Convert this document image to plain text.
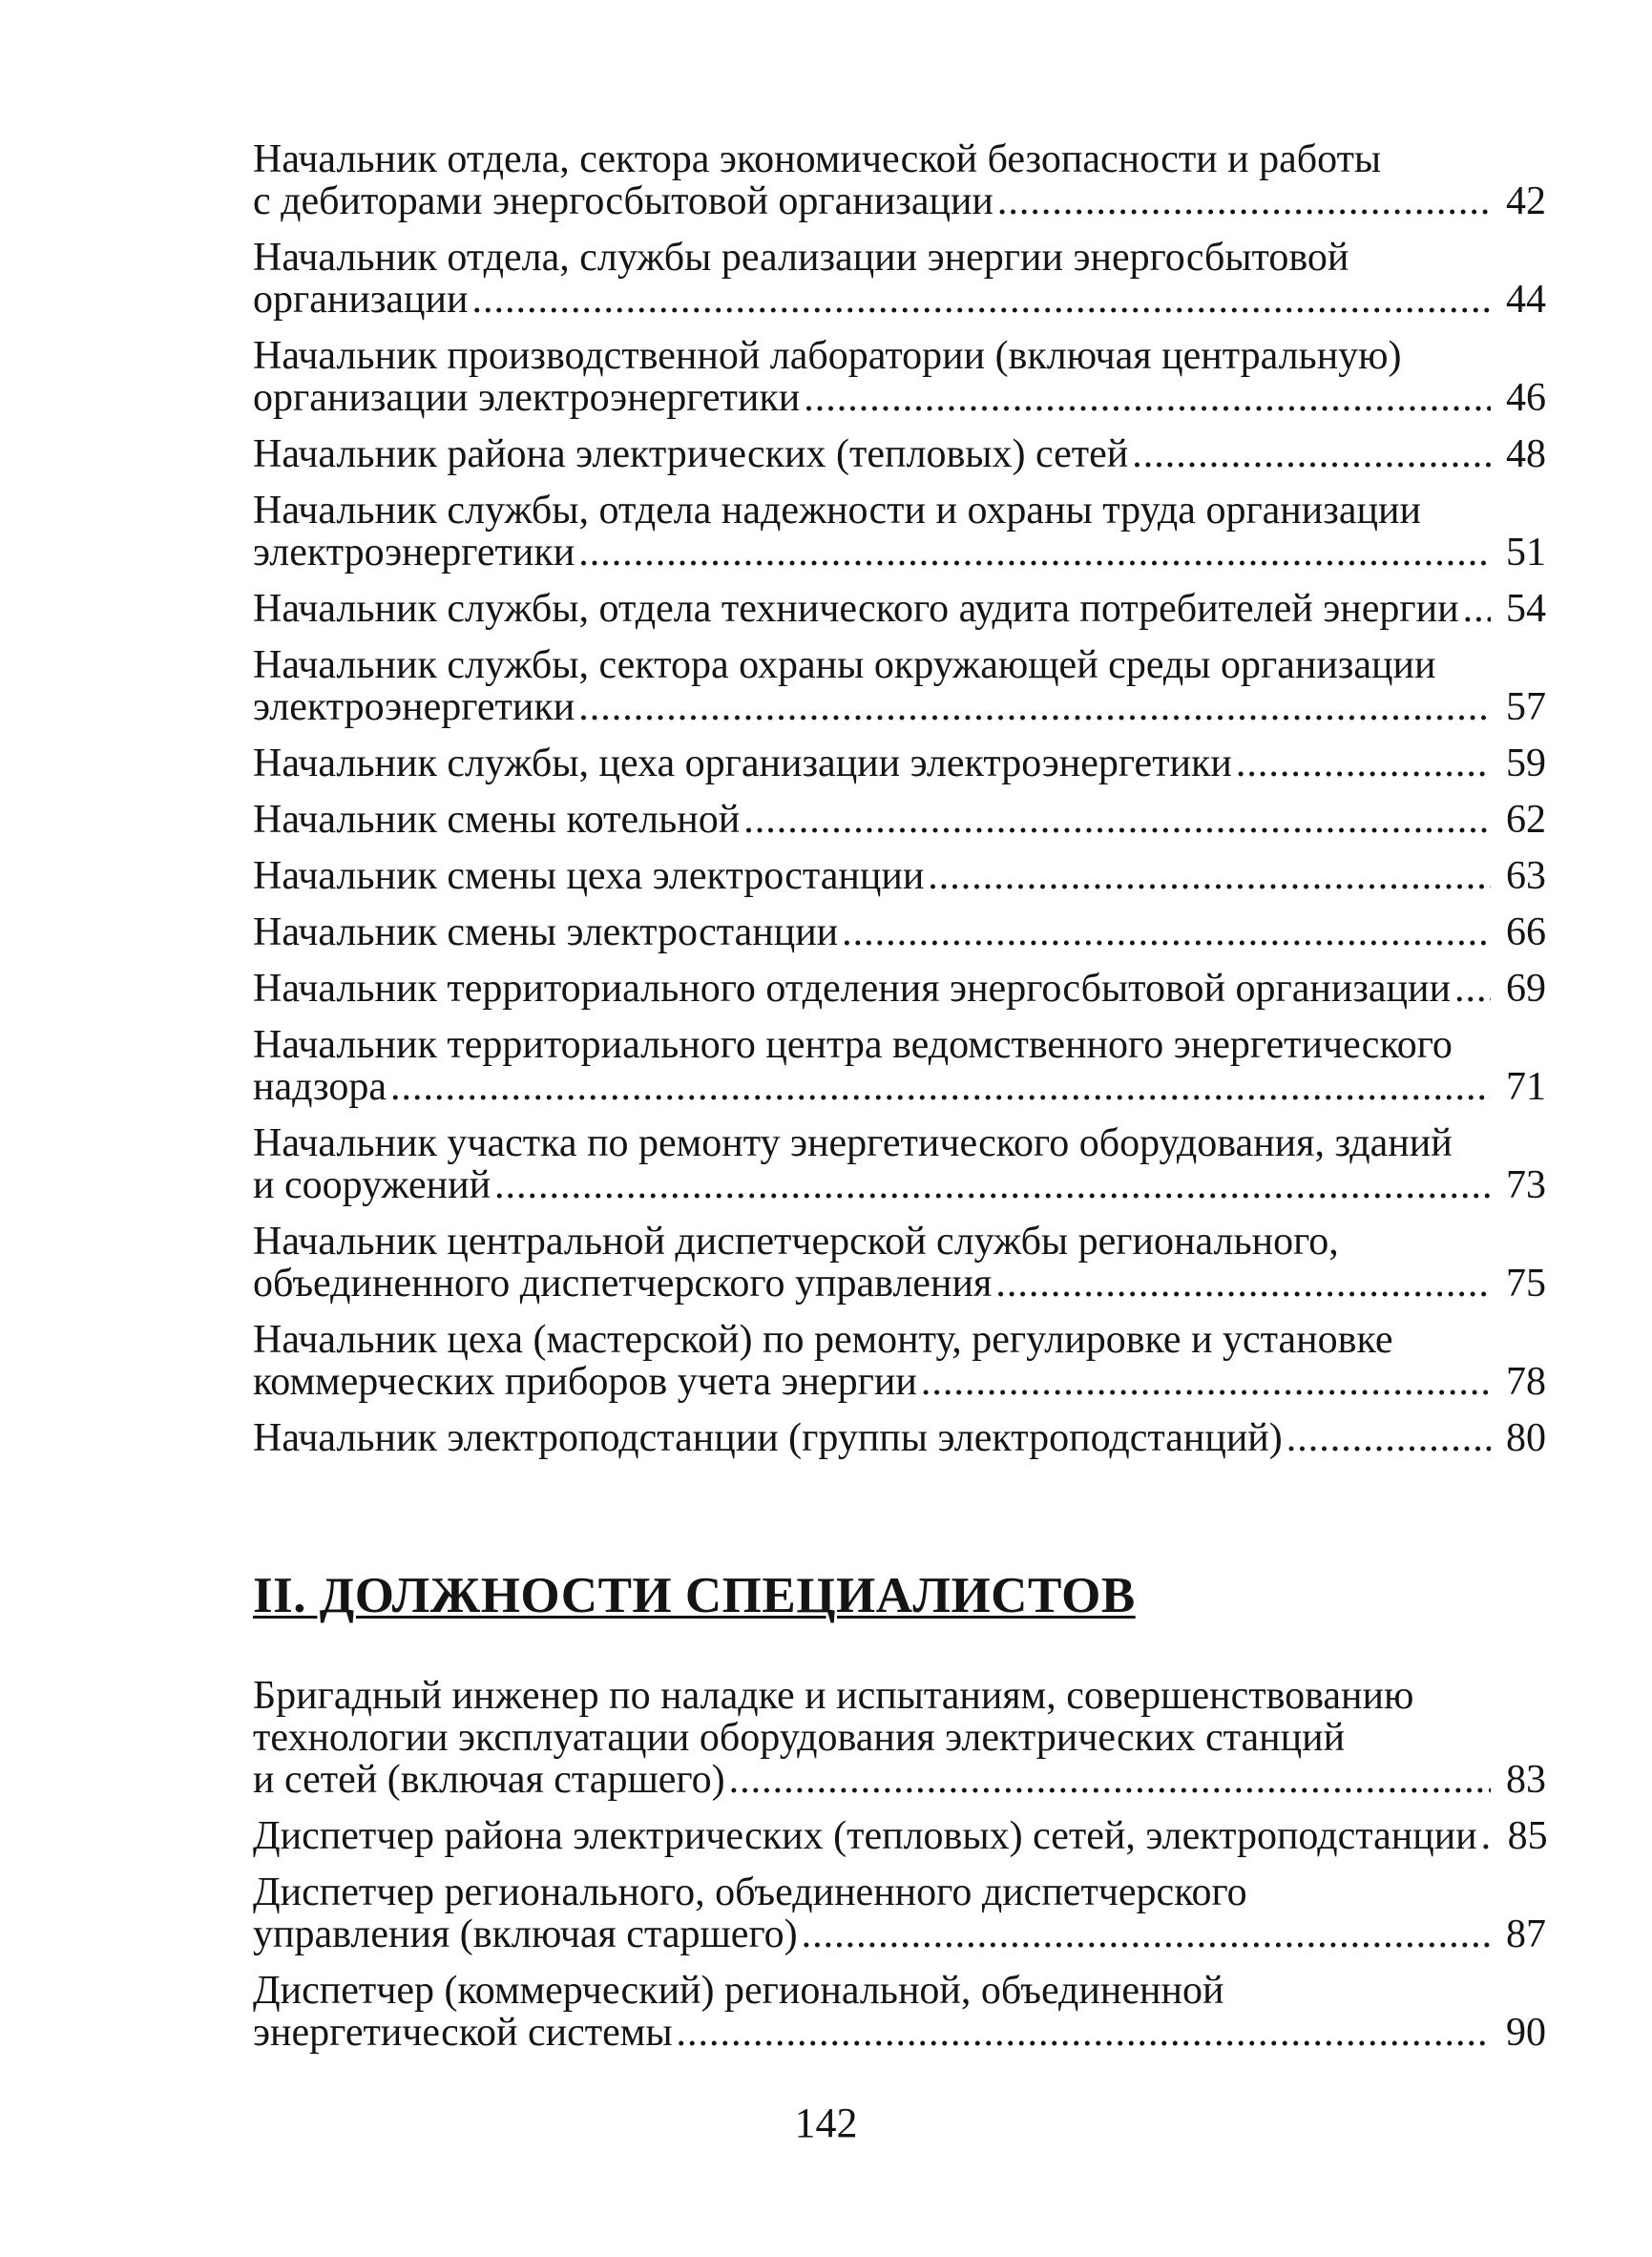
Начальник отдела, сектора экономической безопасности и работы
с дебиторами энергосбытовой организации .....	42
Начальник отдела, службы реализации энергии энергосбытовой
организации .....	44
Начальник производственной лаборатории (включая центральную)
организации электроэнергетики .....	46
Начальник района электрических (тепловых) сетей .....	48
Начальник службы, отдела надежности и охраны труда организации
электроэнергетики .....	51
Начальник службы, отдела технического аудита потребителей энергии ..... 54
Начальник службы, сектора охраны окружающей среды организации
электроэнергетики .....	57
Начальник службы, цеха организации электроэнергетики .....	59
Начальник смены котельной .....	62
Начальник смены цеха электростанции .....	63
Начальник смены электростанции .....	66
Начальник территориального отделения энергосбытовой организации ..... 69
Начальник территориального центра ведомственного энергетического
надзора .....	71
Начальник участка по ремонту энергетического оборудования, зданий
и сооружений .....	73
Начальник центральной диспетчерской службы регионального,
объединенного диспетчерского управления .....	75
Начальник цеха (мастерской) по ремонту, регулировке и установке
коммерческих приборов учета энергии .....	78
Начальник электроподстанции (группы электроподстанций) .....	80
II. ДОЛЖНОСТИ СПЕЦИАЛИСТОВ
Бригадный инженер по наладке и испытаниям, совершенствованию
технологии эксплуатации оборудования электрических станций
и сетей (включая старшего) .....	83
Диспетчер района электрических (тепловых) сетей, электроподстанции ..... 85
Диспетчер регионального, объединенного диспетчерского
управления (включая старшего) .....	87
Диспетчер (коммерческий) региональной, объединенной
энергетической системы .....	90
142
